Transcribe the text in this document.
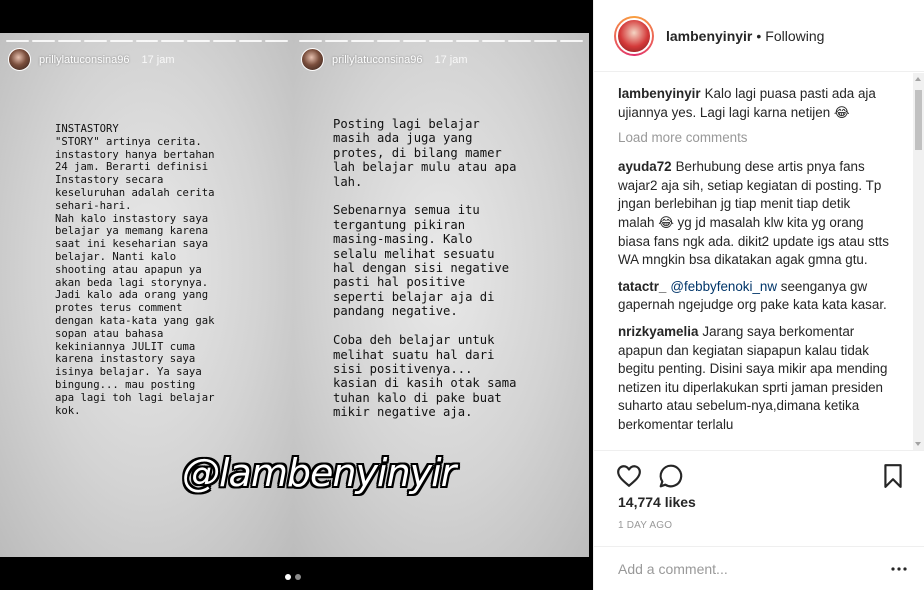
prillylatuconsina96 17 jam
INSTASTORY
"STORY" artinya cerita.
instastory hanya bertahan
24 jam. Berarti definisi
Instastory secara
keseluruhan adalah cerita
sehari-hari.
Nah kalo instastory saya
belajar ya memang karena
saat ini keseharian saya
belajar. Nanti kalo
shooting atau apapun ya
akan beda lagi storynya.
Jadi kalo ada orang yang
protes terus comment
dengan kata-kata yang gak
sopan atau bahasa
kekiniannya JULIT cuma
karena instastory saya
isinya belajar. Ya saya
bingung... mau posting
apa lagi toh lagi belajar
kok.
prillylatuconsina96 17 jam
Posting lagi belajar
masih ada juga yang
protes, di bilang mamer
lah belajar mulu atau apa
lah.

Sebenarnya semua itu
tergantung pikiran
masing-masing. Kalo
selalu melihat sesuatu
hal dengan sisi negative
pasti hal positive
seperti belajar aja di
pandang negative.

Coba deh belajar untuk
melihat suatu hal dari
sisi positivenya...
kasian di kasih otak sama
tuhan kalo di pake buat
mikir negative aja.
@lambenyinyir
lambenyinyir • Following
lambenyinyir Kalo lagi puasa pasti ada aja ujiannya yes. Lagi lagi karna netijen 😂
Load more comments
ayuda72 Berhubung dese artis pnya fans wajar2 aja sih, setiap kegiatan di posting. Tp jngan berlebihan jg tiap menit tiap detik malah 😂 yg jd masalah klw kita yg orang biasa fans ngk ada. dikit2 update igs atau stts WA mngkin bsa dikatakan agak gmna gtu.
tatactr_ @febbyfenoki_nw seenganya gw gapernah ngejudge org pake kata kata kasar.
nrizkyamelia Jarang saya berkomentar apapun dan kegiatan siapapun kalau tidak begitu penting. Disini saya mikir apa mending netizen itu diperlakukan sprti jaman presiden suharto atau sebelum-nya,dimana ketika berkomentar terlalu
14,774 likes
1 DAY AGO
Add a comment...
